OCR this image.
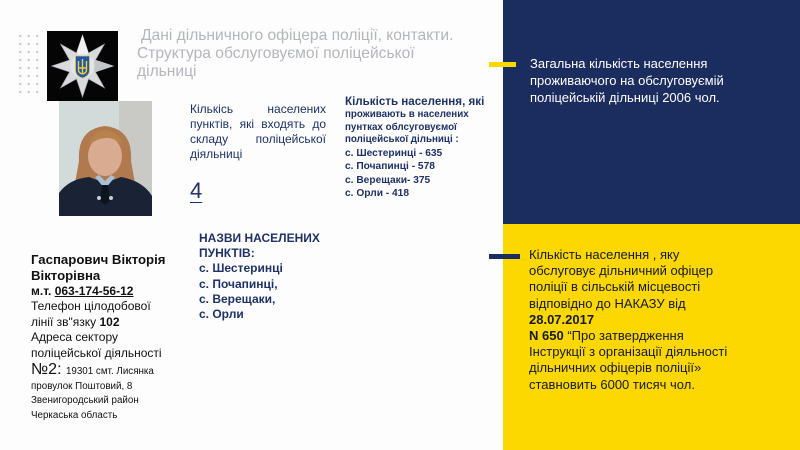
Дані дільничного офіцера поліції, контакти.
Структура обслуговуємої поліцейської
дільниці
Кількісь населених пунктів, які входять до складу поліцейської діяльниці
4
Кількість населення, які
проживають в населених пунтках облсуговуємої поліцейської дільниці :
с. Шестеринці - 635
с. Почапинці - 578
с. Верещаки- 375
с. Орли - 418
НАЗВИ НАСЕЛЕНИХ ПУНКТІВ:
с. Шестеринці
с. Почапинці,
с. Верещаки,
с. Орли
Гаспарович Вікторія
Вікторівна
м.т. 063-174-56-12
Телефон цілодобової
лінії зв"язку 102
Адреса сектору
поліцейської діяльності
№2: 19301 смт. Лисянка
провулок Поштовий, 8
Звенигородський район
Черкаська область
Загальна кількість населення
проживаючого на обслуговуємій
поліцейській дільниці 2006 чол.
Кількість населення , яку
обслуговує дільничний офіцер
поліції в сільській місцевості
відповідно до НАКАЗУ від
28.07.2017
N 650 “Про затвердження
Інструкції з організації діяльності
дільничних офіцерів поліції»
ставновить 6000 тисяч чол.
